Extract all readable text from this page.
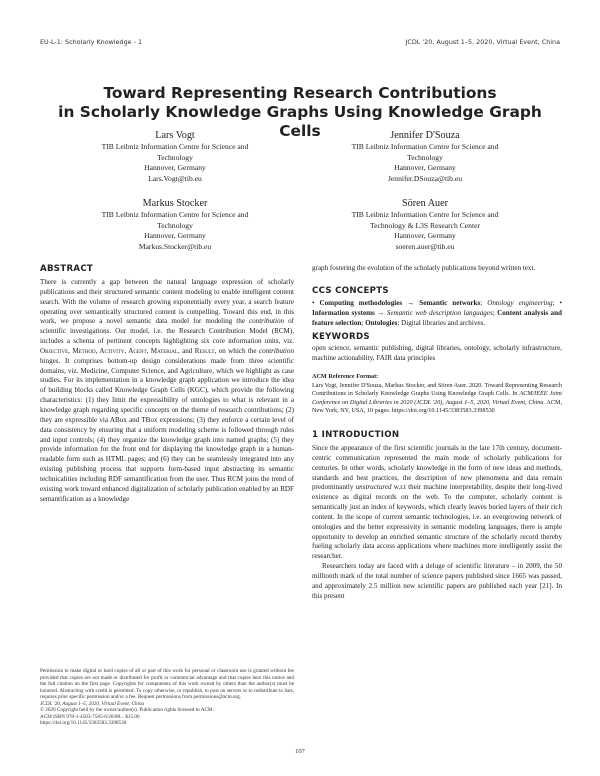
EU-L-1: Scholarly Knowledge - 1	JCDL '20, August 1–5, 2020, Virtual Event, China
Toward Representing Research Contributions
in Scholarly Knowledge Graphs Using Knowledge Graph Cells
Lars Vogt
TIB Leibniz Information Centre for Science and
Technology
Hannover, Germany
Lars.Vogt@tib.eu
Jennifer D'Souza
TIB Leibniz Information Centre for Science and
Technology
Hannover, Germany
Jennifer.DSouza@tib.eu
Markus Stocker
TIB Leibniz Information Centre for Science and
Technology
Hannover, Germany
Markus.Stocker@tib.eu
Sören Auer
TIB Leibniz Information Centre for Science and
Technology & L3S Research Center
Hannover, Germany
soeren.auer@tib.eu
ABSTRACT

There is currently a gap between the natural language expression of scholarly publications and their structured semantic content modeling to enable intelligent content search. With the volume of research growing exponentially every year, a search feature operating over semantically structured content is compelling. Toward this end, in this work, we propose a novel semantic data model for modeling the contribution of scientific investigations. Our model, i.e. the Research Contribution Model (RCM), includes a schema of pertinent concepts highlighting six core information units, viz. Objective, Method, Activity, Agent, Material, and Result, on which the contribution hinges. It comprises bottom-up design considerations made from three scientific domains, viz. Medicine, Computer Science, and Agriculture, which we highlight as case studies. For its implementation in a knowledge graph application we introduce the idea of building blocks called Knowledge Graph Cells (KGC), which provide the following characteristics: (1) they limit the expressibility of ontologies to what is relevant in a knowledge graph regarding specific concepts on the theme of research contributions; (2) they are expressible via ABox and TBox expressions; (3) they enforce a certain level of data consistency by ensuring that a uniform modeling scheme is followed through rules and input controls; (4) they organize the knowledge graph into named graphs; (5) they provide information for the front end for displaying the knowledge graph in a human-readable form such as HTML pages; and (6) they can be seamlessly integrated into any existing publishing process that supports form-based input abstracting its semantic technicalities including RDF semantification from the user. Thus RCM joins the trend of existing work toward enhanced digitalization of scholarly publication enabled by an RDF semantification as a knowledge

Permission to make digital or hard copies of all or part of this work for personal or classroom use is granted without fee provided that copies are not made or distributed for profit or commercial advantage and that copies bear this notice and the full citation on the first page. Copyrights for components of this work owned by others than the author(s) must be honored. Abstracting with credit is permitted. To copy otherwise, or republish, to post on servers or to redistribute to lists, requires prior specific permission and/or a fee. Request permissions from permissions@acm.org.
JCDL '20, August 1–5, 2020, Virtual Event, China
© 2020 Copyright held by the owner/author(s). Publication rights licensed to ACM.
ACM ISBN 978-1-4503-7585-6/20/08... $15.00
https://doi.org/10.1145/3383583.3398530
graph fostering the evolution of the scholarly publications beyond written text.
CCS CONCEPTS

• Computing methodologies → Semantic networks; Ontology engineering; • Information systems → Semantic web description languages; Content analysis and feature selection; Ontologies; Digital libraries and archives.

KEYWORDS
open science, semantic publishing, digital libraries, ontology, scholarly infrastructure, machine actionability, FAIR data principles
ACM Reference Format:

Lars Vogt, Jennifer D'Souza, Markus Stocker, and Sören Auer. 2020. Toward Representing Research Contributions in Scholarly Knowledge Graphs Using Knowledge Graph Cells. In ACM/IEEE Joint Conference on Digital Libraries in 2020 (JCDL '20), August 1–5, 2020, Virtual Event, China. ACM, New York, NY, USA, 10 pages. https://doi.org/10.1145/3383583.3398530

1 INTRODUCTION

Since the appearance of the first scientific journals in the late 17th century, document-centric communication represented the main mode of scholarly publications for centuries. In other words, scholarly knowledge in the form of new ideas and methods, standards and best practices, the description of new phenomena and data remain predominantly unstructured w.r.t their machine interpretability, despite their long-lived existence as digital records on the web. To the computer, scholarly content is semantically just an index of keywords, which clearly leaves buried layers of their rich content. In the scope of current semantic technologies, i.e. an evergrowing network of ontologies and the better expressivity in semantic modeling languages, there is ample opportunity to develop an enriched semantic structure of the scholarly record thereby fueling scholarly data access applications where machines more intelligently assist the researcher.

Researchers today are faced with a deluge of scientific literature – in 2009, the 50 millionth mark of the total number of science papers published since 1665 was passed, and approximately 2.5 million new scientific papers are published each year [21]. In this present

107
